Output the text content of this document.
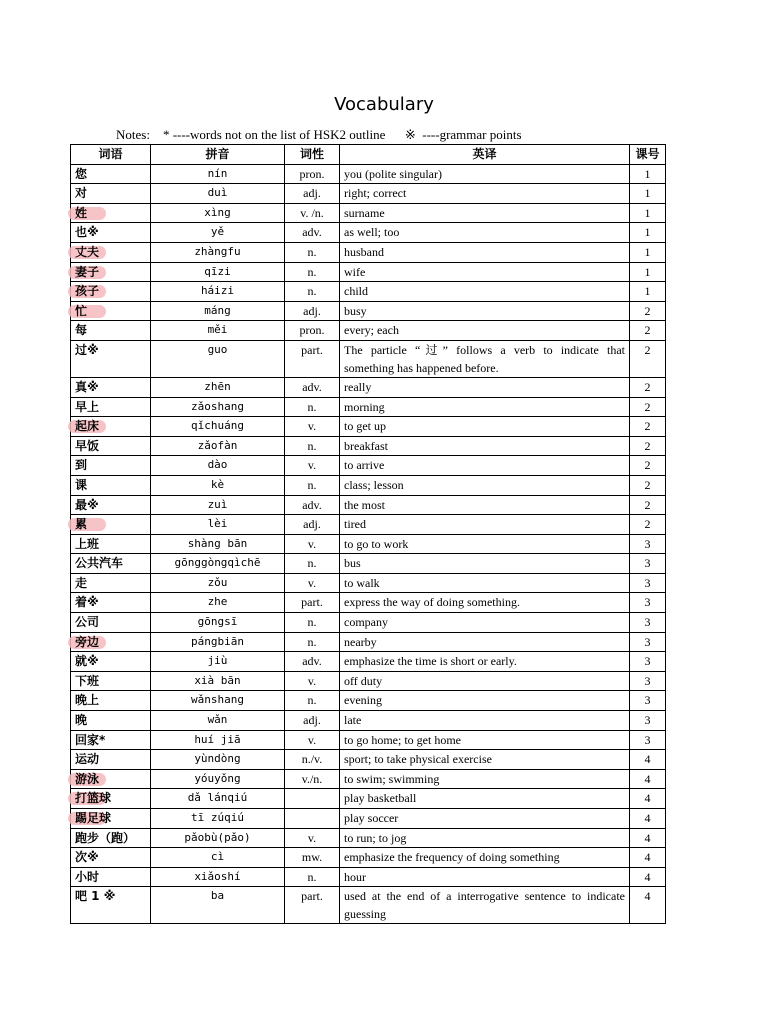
Vocabulary
Notes:    * ----words not on the list of HSK2 outline      ※  ----grammar points
词语	拼音	词性	英译	课号
您	nín	pron.	you (polite singular)	1
对	duì	adj.	right; correct	1

姓	xìng	v. /n.	surname	1
也※	yě	adv.	as well; too	1

丈夫	zhàngfu	n.	husband	1

妻子	qīzi	n.	wife	1

孩子	háizi	n.	child	1

忙	máng	adj.	busy	2
每	měi	pron.	every; each	2
过※	guo	part.	The particle “过” follows a verb to indicate that something has happened before.	2
真※	zhēn	adv.	really	2
早上	zǎoshang	n.	morning	2

起床	qǐchuáng	v.	to get up	2
早饭	zǎofàn	n.	breakfast	2
到	dào	v.	to arrive	2
课	kè	n.	class; lesson	2
最※	zuì	adv.	the most	2

累	lèi	adj.	tired	2
上班	shàng bān	v.	to go to work	3
公共汽车	gōnggòngqìchē	n.	bus	3
走	zǒu	v.	to walk	3
着※	zhe	part.	express the way of doing something.	3
公司	gōngsī	n.	company	3

旁边	pángbiān	n.	nearby	3
就※	jiù	adv.	emphasize the time is short or early.	3
下班	xià bān	v.	off duty	3
晚上	wǎnshang	n.	evening	3
晚	wǎn	adj.	late	3
回家*	huí jiā	v.	to go home; to get home	3
运动	yùndòng	n./v.	sport; to take physical exercise	4

游泳	yóuyǒng	v./n.	to swim; swimming	4

打篮球	dǎ lánqiú		play basketball	4

踢足球	tī zúqiú		play soccer	4
跑步（跑）	pǎobù(pǎo)	v.	to run; to jog	4
次※	cì	mw.	emphasize the frequency of doing something	4
小时	xiǎoshí	n.	hour	4
吧 1 ※	ba	part.	used at the end of a interrogative sentence to indicate guessing	4
